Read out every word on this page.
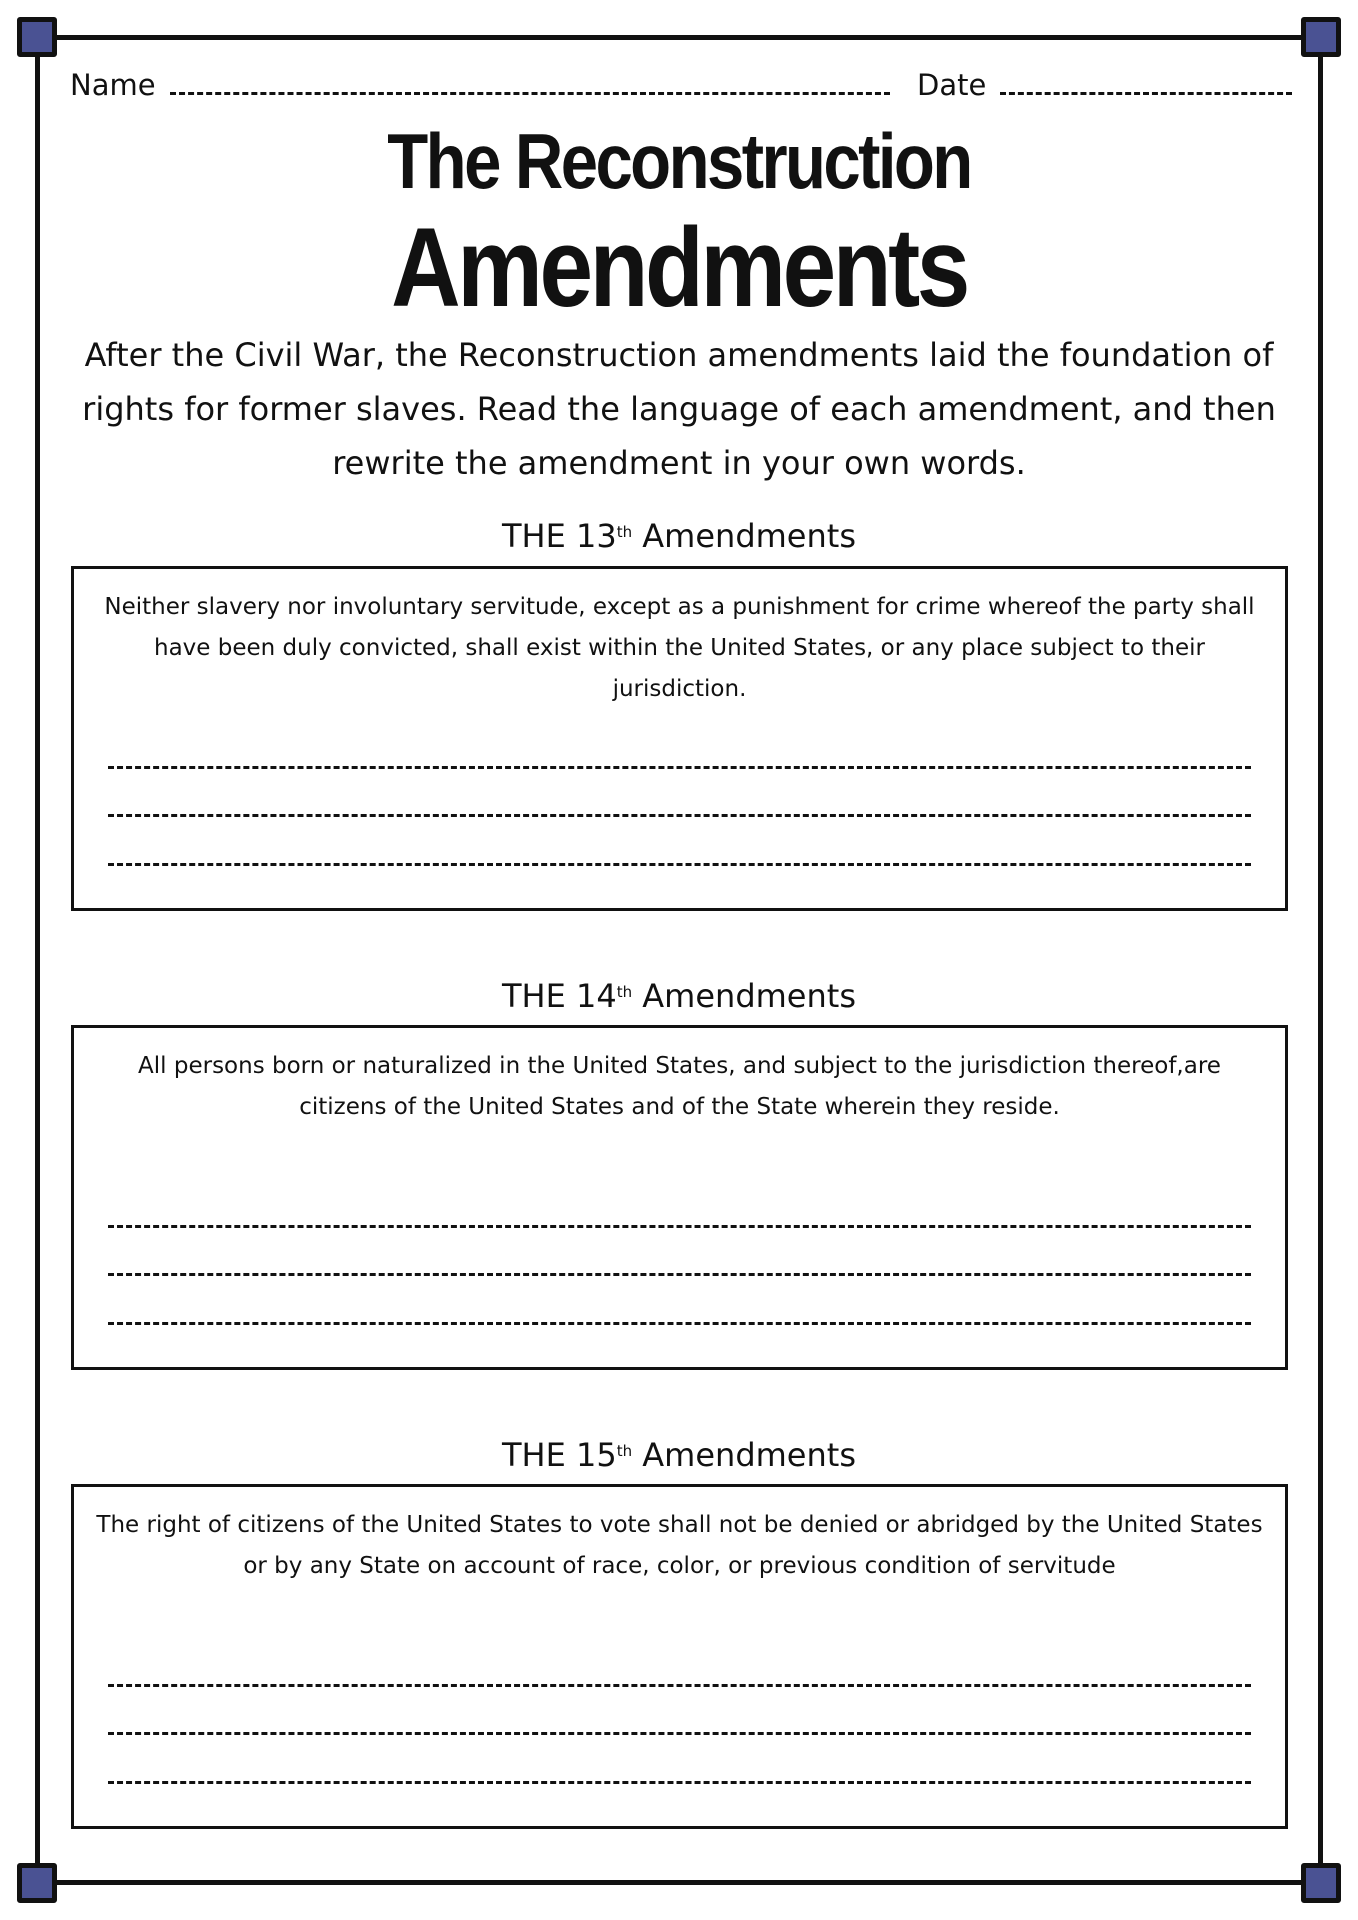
Name	Date
The Reconstruction
Amendments
After the Civil War, the Reconstruction amendments laid the foundation of rights for former slaves. Read the language of each amendment, and then rewrite the amendment in your own words.
THE 13th Amendments
Neither slavery nor involuntary servitude, except as a punishment for crime whereof the party shall have been duly convicted, shall exist within the United States, or any place subject to their jurisdiction.
THE 14th Amendments
All persons born or naturalized in the United States, and subject to the jurisdiction thereof,are citizens of the United States and of the State wherein they reside.
THE 15th Amendments
The right of citizens of the United States to vote shall not be denied or abridged by the United States or by any State on account of race, color, or previous condition of servitude
